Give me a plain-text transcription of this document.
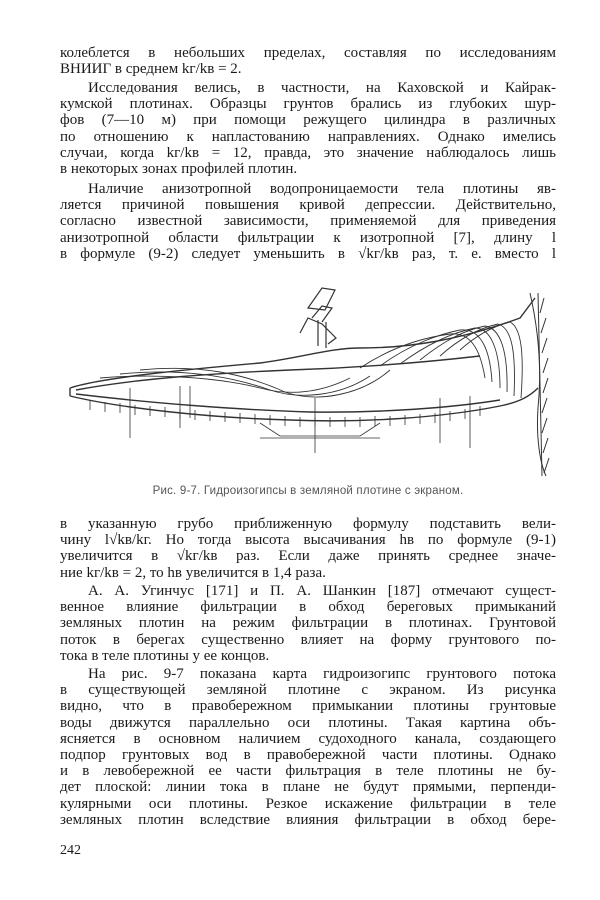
колеблется в небольших пределах, составляя по исследованиям
ВНИИГ в среднем kг/kв = 2.
Исследования велись, в частности, на Каховской и Кайрак-
кумской плотинах. Образцы грунтов брались из глубоких шур-
фов (7—10 м) при помощи режущего цилиндра в различных
по отношению к напластованию направлениях. Однако имелись
случаи, когда kг/kв = 12, правда, это значение наблюдалось лишь
в некоторых зонах профилей плотин.
Наличие анизотропной водопроницаемости тела плотины яв-
ляется причиной повышения кривой депрессии. Действительно,
согласно известной зависимости, применяемой для приведения
анизотропной области фильтрации к изотропной [7], длину l
в формуле (9-2) следует уменьшить в √kг/kв раз, т. е. вместо l
Рис. 9-7. Гидроизогипсы в земляной плотине с экраном.
в указанную грубо приближенную формулу подставить вели-
чину l√kв/kг. Но тогда высота высачивания hв по формуле (9-1)
увеличится в √kг/kв раз. Если даже принять среднее значе-
ние kг/kв = 2, то hв увеличится в 1,4 раза.
А. А. Угинчус [171] и П. А. Шанкин [187] отмечают сущест-
венное влияние фильтрации в обход береговых примыканий
земляных плотин на режим фильтрации в плотинах. Грунтовой
поток в берегах существенно влияет на форму грунтового по-
тока в теле плотины у ее концов.
На рис. 9-7 показана карта гидроизогипс грунтового потока
в существующей земляной плотине с экраном. Из рисунка
видно, что в правобережном примыкании плотины грунтовые
воды движутся параллельно оси плотины. Такая картина объ-
ясняется в основном наличием судоходного канала, создающего
подпор грунтовых вод в правобережной части плотины. Однако
и в левобережной ее части фильтрация в теле плотины не бу-
дет плоской: линии тока в плане не будут прямыми, перпенди-
кулярными оси плотины. Резкое искажение фильтрации в теле
земляных плотин вследствие влияния фильтрации в обход бере-
242
